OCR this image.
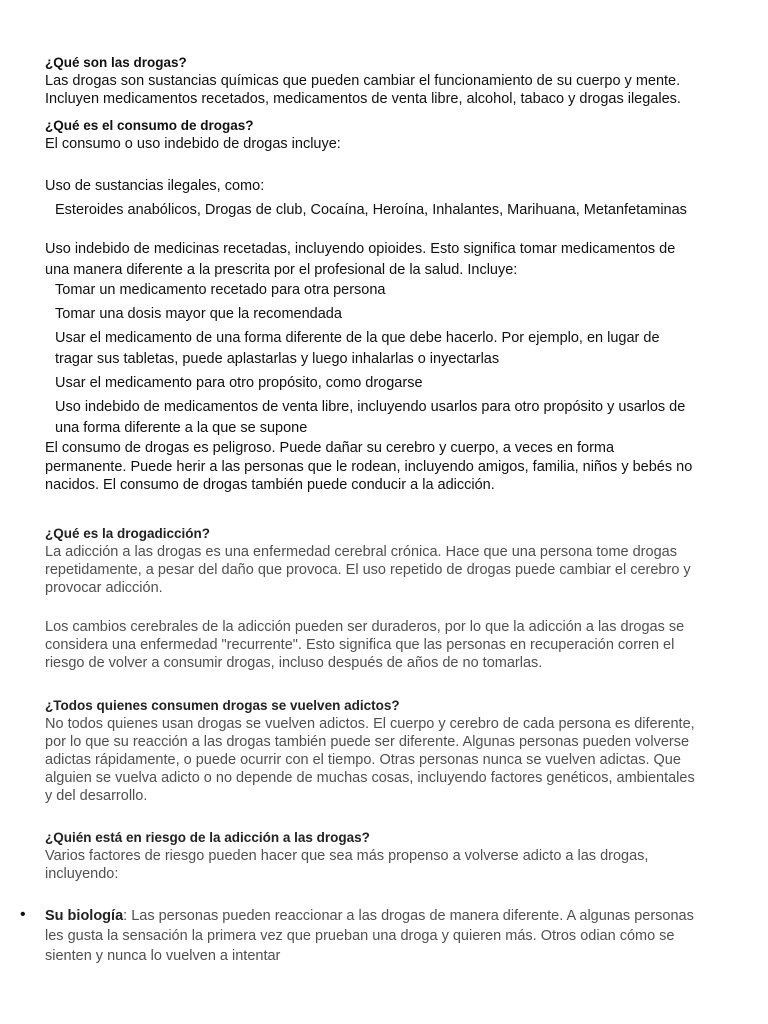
¿Qué son las drogas?
Las drogas son sustancias químicas que pueden cambiar el funcionamiento de su cuerpo y mente.
Incluyen medicamentos recetados, medicamentos de venta libre, alcohol, tabaco y drogas ilegales.
¿Qué es el consumo de drogas?
El consumo o uso indebido de drogas incluye:
Uso de sustancias ilegales, como:
Esteroides anabólicos, Drogas de club, Cocaína, Heroína, Inhalantes, Marihuana, Metanfetaminas
Uso indebido de medicinas recetadas, incluyendo opioides. Esto significa tomar medicamentos de
una manera diferente a la prescrita por el profesional de la salud. Incluye:
Tomar un medicamento recetado para otra persona
Tomar una dosis mayor que la recomendada
Usar el medicamento de una forma diferente de la que debe hacerlo. Por ejemplo, en lugar de
tragar sus tabletas, puede aplastarlas y luego inhalarlas o inyectarlas
Usar el medicamento para otro propósito, como drogarse
Uso indebido de medicamentos de venta libre, incluyendo usarlos para otro propósito y usarlos de
una forma diferente a la que se supone
El consumo de drogas es peligroso. Puede dañar su cerebro y cuerpo, a veces en forma
permanente. Puede herir a las personas que le rodean, incluyendo amigos, familia, niños y bebés no
nacidos. El consumo de drogas también puede conducir a la adicción.
¿Qué es la drogadicción?
La adicción a las drogas es una enfermedad cerebral crónica. Hace que una persona tome drogas
repetidamente, a pesar del daño que provoca. El uso repetido de drogas puede cambiar el cerebro y
provocar adicción.
Los cambios cerebrales de la adicción pueden ser duraderos, por lo que la adicción a las drogas se
considera una enfermedad "recurrente". Esto significa que las personas en recuperación corren el
riesgo de volver a consumir drogas, incluso después de años de no tomarlas.
¿Todos quienes consumen drogas se vuelven adictos?
No todos quienes usan drogas se vuelven adictos. El cuerpo y cerebro de cada persona es diferente,
por lo que su reacción a las drogas también puede ser diferente. Algunas personas pueden volverse
adictas rápidamente, o puede ocurrir con el tiempo. Otras personas nunca se vuelven adictas. Que
alguien se vuelva adicto o no depende de muchas cosas, incluyendo factores genéticos, ambientales
y del desarrollo.
¿Quién está en riesgo de la adicción a las drogas?
Varios factores de riesgo pueden hacer que sea más propenso a volverse adicto a las drogas,
incluyendo:
• Su biología: Las personas pueden reaccionar a las drogas de manera diferente. A algunas personas
les gusta la sensación la primera vez que prueban una droga y quieren más. Otros odian cómo se
sienten y nunca lo vuelven a intentar
